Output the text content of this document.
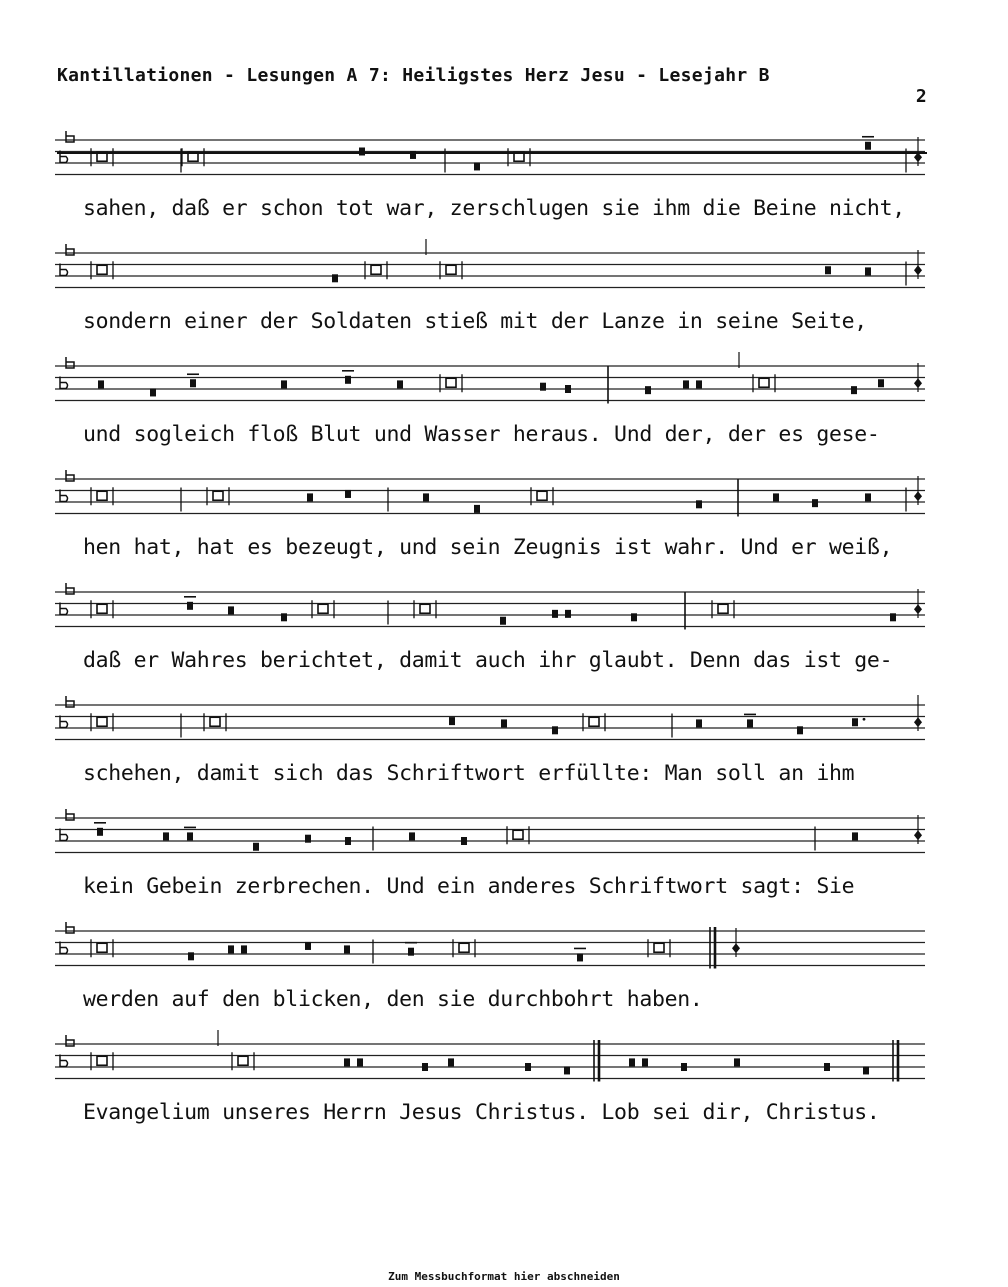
Kantillationen - Lesungen A 7: Heiligstes Herz Jesu - Lesejahr B

2

sahen, daß er schon tot war, zerschlugen sie ihm die Beine nicht,
sondern einer der Soldaten stieß mit der Lanze in seine Seite,
und sogleich floß Blut und Wasser heraus. Und der, der es gese-
hen hat, hat es bezeugt, und sein Zeugnis ist wahr. Und er weiß,
daß er Wahres berichtet, damit auch ihr glaubt. Denn das ist ge-
schehen, damit sich das Schriftwort erfüllte: Man soll an ihm
kein Gebein zerbrechen. Und ein anderes Schriftwort sagt: Sie
werden auf den blicken, den sie durchbohrt haben.
Evangelium unseres Herrn Jesus Christus. Lob sei dir, Christus.
Zum Messbuchformat hier abschneiden
